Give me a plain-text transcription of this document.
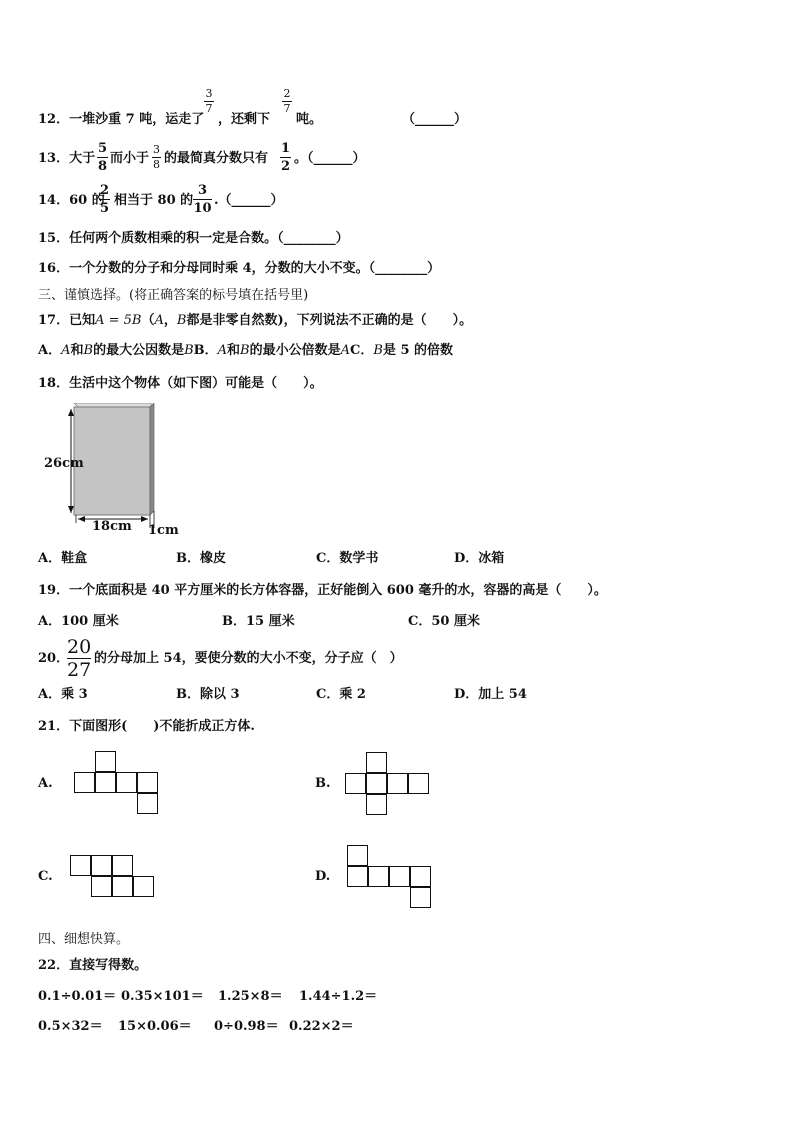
12．一堆沙重 7 吨，运走了
3
7
，还剩下
2
7
吨。	（______）
13．大于
5
8
而小于
3
8 的最简真分数只有
1
2
。（______）
14．60 的
2
5
相当于 80 的
3
10
.（______）
15．任何两个质数相乘的积一定是合数。（________）
16．一个分数的分子和分母同时乘 4，分数的大小不变。（________）
三、谨慎选择。(将正确答案的标号填在括号里)
17．已知A = 5B（A，B都是非零自然数)，下列说法不正确的是（　　）。
A．A和B的最大公因数是BB．A和B的最小公倍数是AC．B是 5 的倍数
18．生活中这个物体（如下图）可能是（　　）。
26cm
18cm 1cm
A．鞋盒	B．橡皮	C．数学书	D．冰箱
19．一个底面积是 40 平方厘米的长方体容器，正好能倒入 600 毫升的水，容器的高是（　　）。
A．100 厘米	B．15 厘米	C．50 厘米
20．
20
27
的分母加上 54，要使分数的大小不变，分子应（　）
A．乘 3	B．除以 3	C．乘 2	D．加上 54
21．下面图形(　　)不能折成正方体.
A.	B.
C.	D.
四、细想快算。
22．直接写得数。
0.1÷0.01＝ 0.35×101＝ 1.25×8＝ 1.44÷1.2＝
0.5×32＝ 15×0.06＝ 0÷0.98＝ 0.22×2＝
